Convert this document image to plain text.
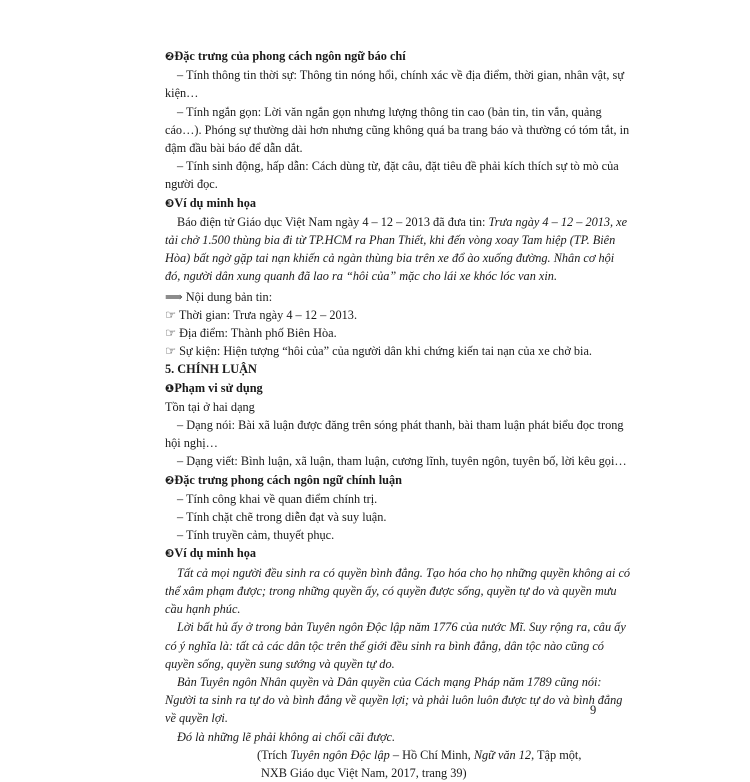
❷Đặc trưng của phong cách ngôn ngữ báo chí
– Tính thông tin thời sự: Thông tin nóng hổi, chính xác về địa điểm, thời gian, nhân vật, sự
kiện…
– Tính ngắn gọn: Lời văn ngắn gọn nhưng lượng thông tin cao (bản tin, tin vắn, quảng
cáo…). Phóng sự thường dài hơn nhưng cũng không quá ba trang báo và thường có tóm tắt, in
đậm đầu bài báo để dẫn dắt.
– Tính sinh động, hấp dẫn: Cách dùng từ, đặt câu, đặt tiêu đề phải kích thích sự tò mò của
người đọc.
❸Ví dụ minh họa
Báo điện tử Giáo dục Việt Nam ngày 4 – 12 – 2013 đã đưa tin: Trưa ngày 4 – 12 – 2013, xe
tải chở 1.500 thùng bia đi từ TP.HCM ra Phan Thiết, khi đến vòng xoay Tam hiệp (TP. Biên
Hòa) bất ngờ gặp tai nạn khiến cả ngàn thùng bia trên xe đổ ào xuống đường. Nhân cơ hội
đó, người dân xung quanh đã lao ra “hôi của” mặc cho lái xe khóc lóc van xin.
⟹ Nội dung bản tin:
☞ Thời gian: Trưa ngày 4 – 12 – 2013.
☞ Địa điểm: Thành phố Biên Hòa.
☞ Sự kiện: Hiện tượng “hôi của” của người dân khi chứng kiến tai nạn của xe chở bia.
5. CHÍNH LUẬN
❶Phạm vi sử dụng
Tồn tại ở hai dạng
– Dạng nói: Bài xã luận được đăng trên sóng phát thanh, bài tham luận phát biểu đọc trong
hội nghị…
– Dạng viết: Bình luận, xã luận, tham luận, cương lĩnh, tuyên ngôn, tuyên bố, lời kêu gọi…
❷Đặc trưng phong cách ngôn ngữ chính luận
– Tính công khai về quan điểm chính trị.
– Tính chặt chẽ trong diễn đạt và suy luận.
– Tính truyền cảm, thuyết phục.
❸Ví dụ minh họa
Tất cả mọi người đều sinh ra có quyền bình đẳng. Tạo hóa cho họ những quyền không ai có
thể xâm phạm được; trong những quyền ấy, có quyền được sống, quyền tự do và quyền mưu
cầu hạnh phúc.
Lời bất hủ ấy ở trong bản Tuyên ngôn Độc lập năm 1776 của nước Mĩ. Suy rộng ra, câu ấy
có ý nghĩa là: tất cả các dân tộc trên thế giới đều sinh ra bình đẳng, dân tộc nào cũng có
quyền sống, quyền sung sướng và quyền tự do.
Bản Tuyên ngôn Nhân quyền và Dân quyền của Cách mạng Pháp năm 1789 cũng nói:
Người ta sinh ra tự do và bình đẳng về quyền lợi; và phải luôn luôn được tự do và bình đẳng
về quyền lợi.
Đó là những lẽ phải không ai chối cãi được.
(Trích Tuyên ngôn Độc lập – Hồ Chí Minh, Ngữ văn 12, Tập một,
NXB Giáo dục Việt Nam, 2017, trang 39)
9
